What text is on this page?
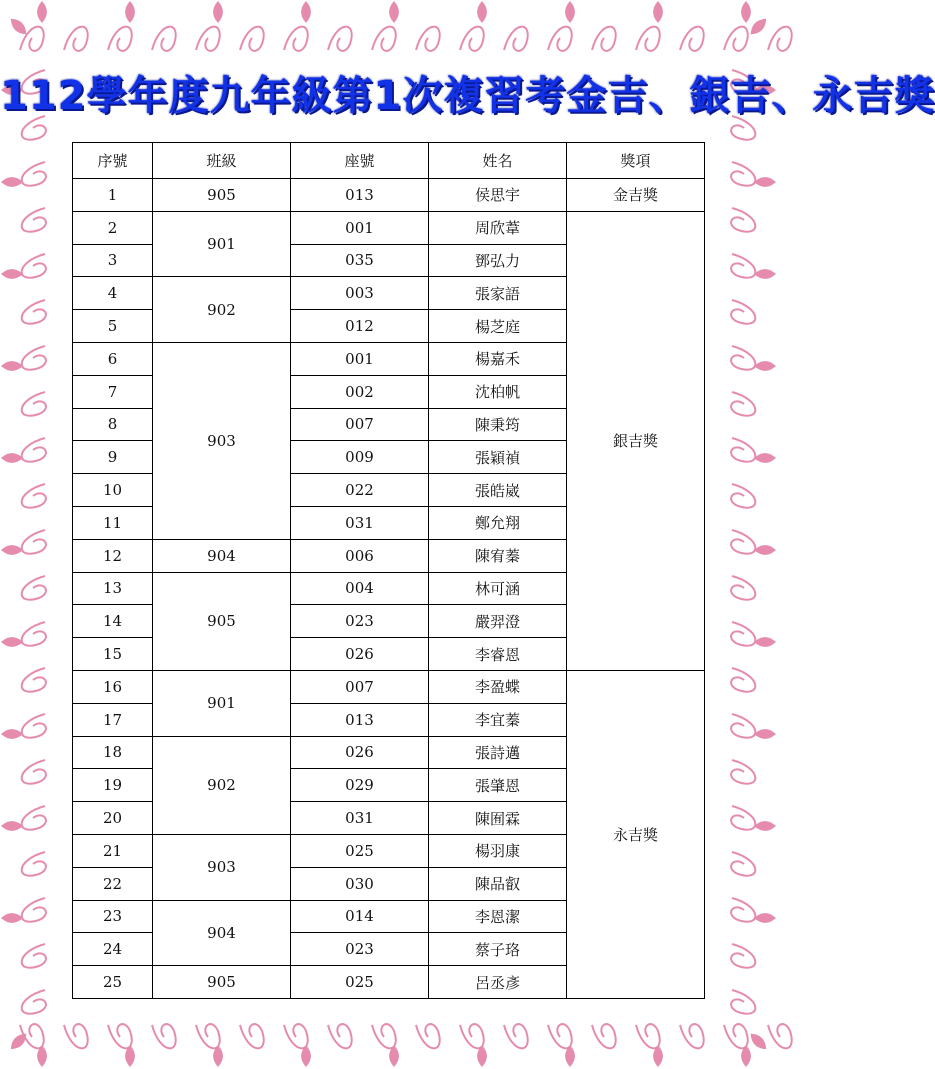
112學年度九年級第1次複習考金吉、銀吉、永吉獎
序號	班級	座號	姓名	獎項
1	905	013	侯思宇	金吉獎
2	901	001	周欣葦	銀吉獎
3		035	鄧弘力	
4	902	003	張家語	
5		012	楊芝庭	
6	903	001	楊嘉禾	
7		002	沈柏帆	
8		007	陳秉筠	
9		009	張穎禎	
10		022	張皓崴	
11		031	鄭允翔	
12	904	006	陳宥蓁	
13	905	004	林可涵	
14		023	嚴羿澄	
15		026	李睿恩	
16	901	007	李盈蝶	永吉獎
17		013	李宜蓁	
18	902	026	張詩邁	
19		029	張肇恩	
20		031	陳囿霖	
21	903	025	楊羽康	
22		030	陳品叡	
23	904	014	李恩潔	
24		023	蔡子珞	
25	905	025	呂丞彥	
